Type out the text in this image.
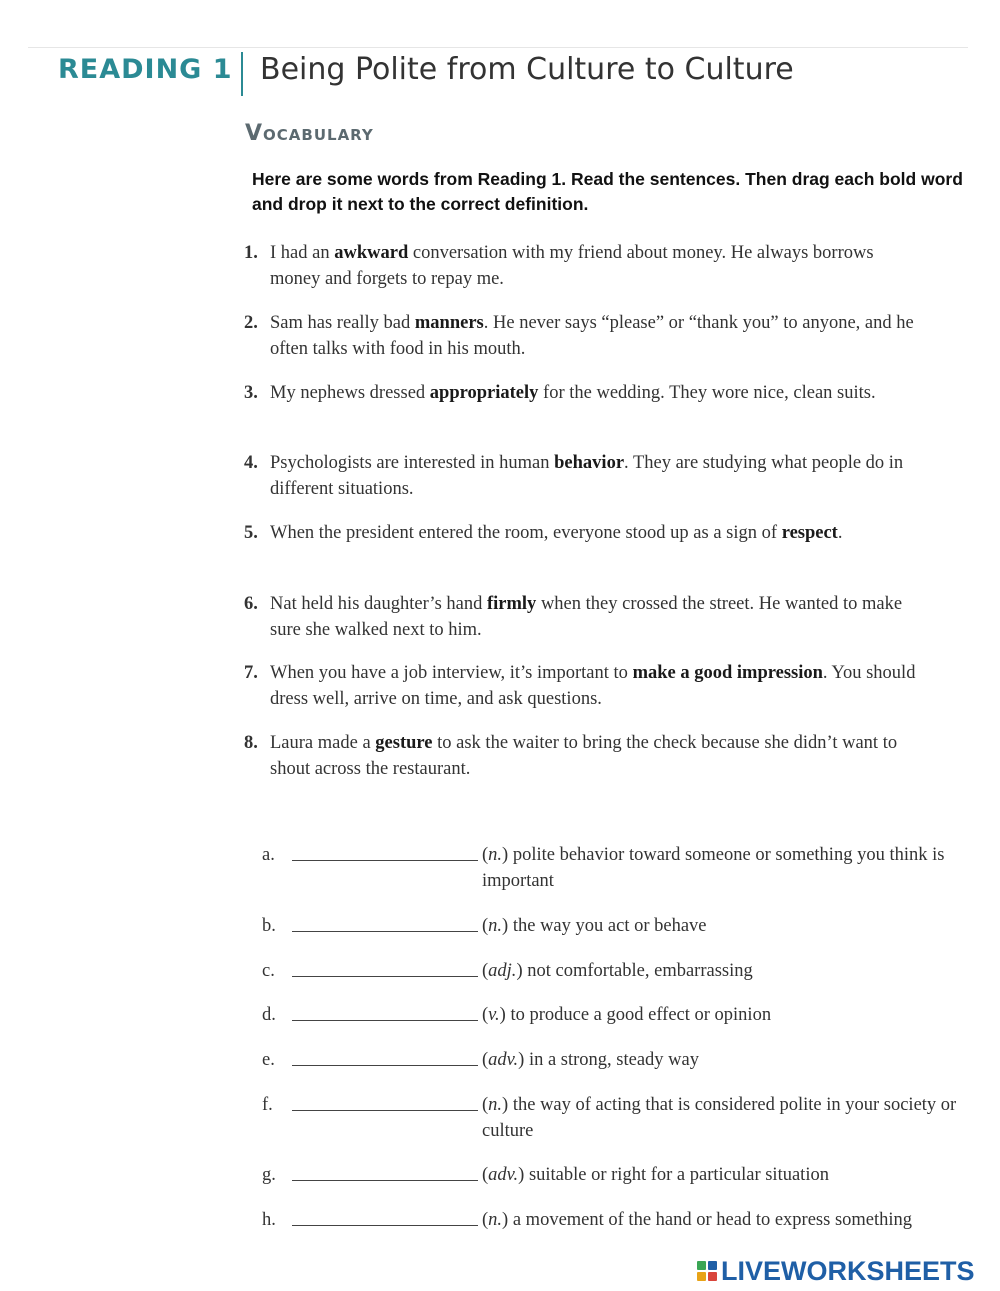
READING 1 Being Polite from Culture to Culture
Vocabulary
Here are some words from Reading 1. Read the sentences. Then drag each bold word and drop it next to the correct definition.
1. I had an awkward conversation with my friend about money. He always borrows money and forgets to repay me.
2. Sam has really bad manners. He never says “please” or “thank you” to anyone, and he often talks with food in his mouth.
3. My nephews dressed appropriately for the wedding. They wore nice, clean suits.
4. Psychologists are interested in human behavior. They are studying what people do in different situations.
5. When the president entered the room, everyone stood up as a sign of respect.
6. Nat held his daughter’s hand firmly when they crossed the street. He wanted to make sure she walked next to him.
7. When you have a job interview, it’s important to make a good impression. You should dress well, arrive on time, and ask questions.
8. Laura made a gesture to ask the waiter to bring the check because she didn’t want to shout across the restaurant.
a.	(n.) polite behavior toward someone or something you think is important
b.	(n.) the way you act or behave
c.	(adj.) not comfortable, embarrassing
d.	(v.) to produce a good effect or opinion
e.	(adv.) in a strong, steady way
f.	(n.) the way of acting that is considered polite in your society or culture
g.	(adv.) suitable or right for a particular situation
h.	(n.) a movement of the hand or head to express something
LIVEWORKSHEETS
